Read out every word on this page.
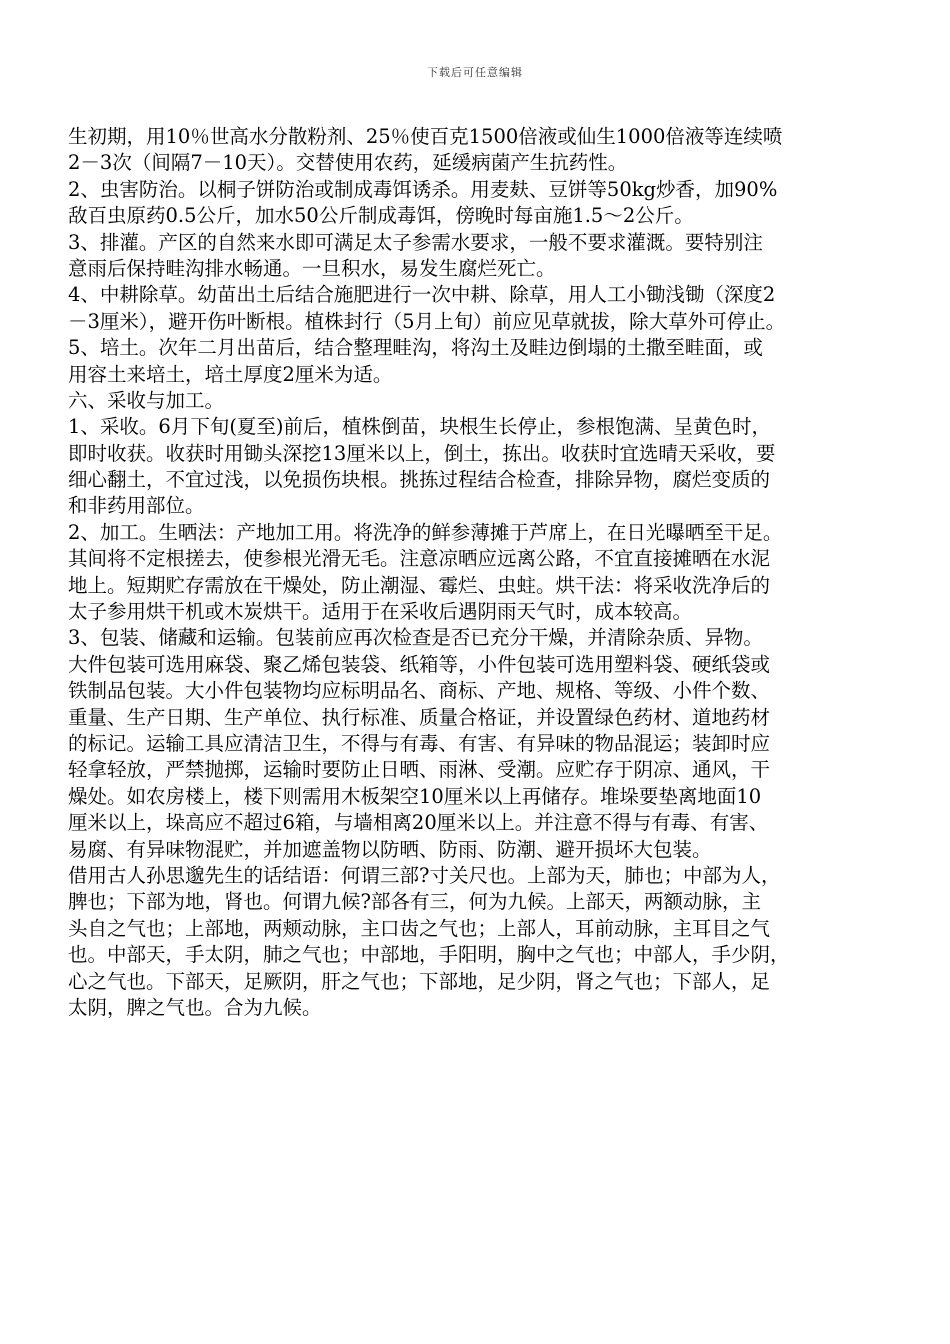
下载后可任意编辑
生初期，用10％世高水分散粉剂、25％使百克1500倍液或仙生1000倍液等连续喷
2－3次（间隔7－10天）。交替使用农药，延缓病菌产生抗药性。
2、虫害防治。以桐子饼防治或制成毒饵诱杀。用麦麸、豆饼等50kg炒香，加90%
敌百虫原药0.5公斤，加水50公斤制成毒饵，傍晚时每亩施1.5～2公斤。
3、排灌。产区的自然来水即可满足太子参需水要求，一般不要求灌溉。要特别注
意雨后保持畦沟排水畅通。一旦积水，易发生腐烂死亡。
4、中耕除草。幼苗出土后结合施肥进行一次中耕、除草，用人工小锄浅锄（深度2
－3厘米），避开伤叶断根。植株封行（5月上旬）前应见草就拔，除大草外可停止。
5、培土。次年二月出苗后，结合整理畦沟，将沟土及畦边倒塌的土撒至畦面，或
用容土来培土，培土厚度2厘米为适。
六、采收与加工。
1、采收。6月下旬(夏至)前后，植株倒苗，块根生长停止，参根饱满、呈黄色时，
即时收获。收获时用锄头深挖13厘米以上，倒土，拣出。收获时宜选晴天采收，要
细心翻土，不宜过浅，以免损伤块根。挑拣过程结合检查，排除异物，腐烂变质的
和非药用部位。
2、加工。生晒法：产地加工用。将洗净的鲜参薄摊于芦席上，在日光曝晒至干足。
其间将不定根搓去，使参根光滑无毛。注意凉晒应远离公路，不宜直接摊晒在水泥
地上。短期贮存需放在干燥处，防止潮湿、霉烂、虫蛀。烘干法：将采收洗净后的
太子参用烘干机或木炭烘干。适用于在采收后遇阴雨天气时，成本较高。
3、包装、储藏和运输。包装前应再次检查是否已充分干燥，并清除杂质、异物。
大件包装可选用麻袋、聚乙烯包装袋、纸箱等，小件包装可选用塑料袋、硬纸袋或
铁制品包装。大小件包装物均应标明品名、商标、产地、规格、等级、小件个数、
重量、生产日期、生产单位、执行标准、质量合格证，并设置绿色药材、道地药材
的标记。运输工具应清洁卫生，不得与有毒、有害、有异味的物品混运；装卸时应
轻拿轻放，严禁抛掷，运输时要防止日晒、雨淋、受潮。应贮存于阴凉、通风，干
燥处。如农房楼上，楼下则需用木板架空10厘米以上再储存。堆垛要垫离地面10
厘米以上，垛高应不超过6箱，与墙相离20厘米以上。并注意不得与有毒、有害、
易腐、有异味物混贮，并加遮盖物以防晒、防雨、防潮、避开损坏大包装。
借用古人孙思邈先生的话结语：何谓三部?寸关尺也。上部为天，肺也；中部为人，
脾也；下部为地，肾也。何谓九候?部各有三，何为九候。上部天，两额动脉，主
头自之气也；上部地，两颊动脉，主口齿之气也；上部人，耳前动脉，主耳目之气
也。中部天，手太阴，肺之气也；中部地，手阳明，胸中之气也；中部人，手少阴，
心之气也。下部天，足厥阴，肝之气也；下部地，足少阴，肾之气也；下部人，足
太阴，脾之气也。合为九候。
